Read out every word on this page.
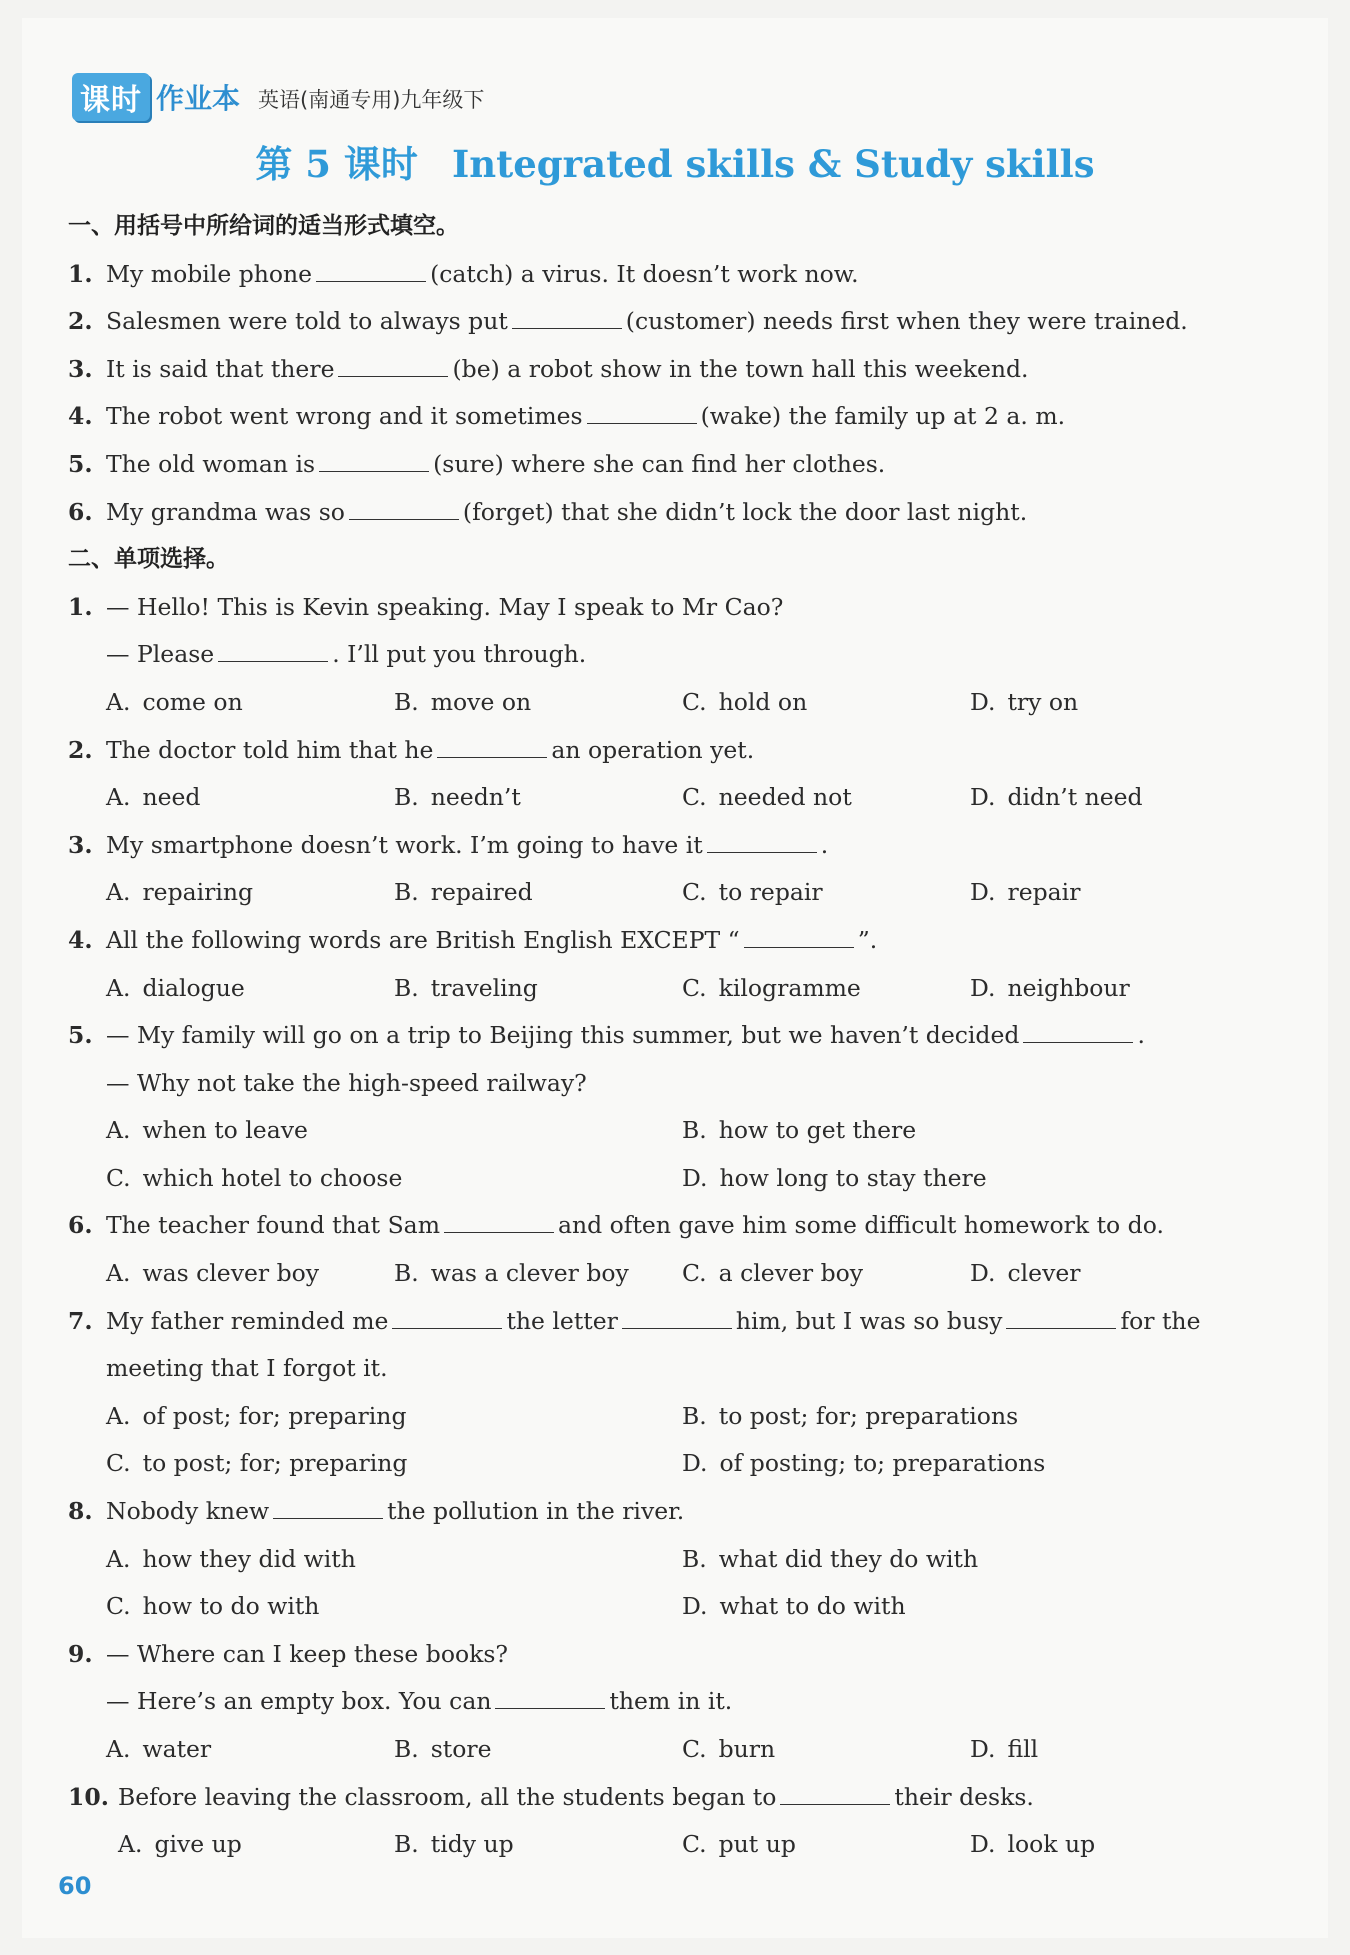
课时 作业本 英语(南通专用)九年级下
第 5 课时 Integrated skills & Study skills
一、用括号中所给词的适当形式填空。
1. My mobile phone	(catch) a virus. It doesn’t work now.
2. Salesmen were told to always put	(customer) needs first when they were trained.
3. It is said that there	(be) a robot show in the town hall this weekend.
4. The robot went wrong and it sometimes	(wake) the family up at 2 a. m.
5. The old woman is	(sure) where she can find her clothes.
6. My grandma was so	(forget) that she didn’t lock the door last night.
二、单项选择。
1. — Hello! This is Kevin speaking. May I speak to Mr Cao?
— Please	. I’ll put you through.
A. come on	B. move on	C. hold on	D. try on
2. The doctor told him that he	an operation yet.
A. need	B. needn’t	C. needed not	D. didn’t need
3. My smartphone doesn’t work. I’m going to have it	.
A. repairing	B. repaired	C. to repair	D. repair
4. All the following words are British English EXCEPT “	”.
A. dialogue	B. traveling	C. kilogramme	D. neighbour
5. — My family will go on a trip to Beijing this summer, but we haven’t decided	.
— Why not take the high-speed railway?
A. when to leave	B. how to get there
C. which hotel to choose	D. how long to stay there
6. The teacher found that Sam	and often gave him some difficult homework to do.
A. was clever boy	B. was a clever boy C. a clever boy	D. clever
7. My father reminded me	the letter	him, but I was so busy	for the
meeting that I forgot it.
A. of post; for; preparing	B. to post; for; preparations
C. to post; for; preparing	D. of posting; to; preparations
8. Nobody knew	the pollution in the river.
A. how they did with	B. what did they do with
C. how to do with	D. what to do with
9. — Where can I keep these books?
— Here’s an empty box. You can	them in it.
A. water	B. store	C. burn	D. fill
10. Before leaving the classroom, all the students began to	their desks.
A. give up	B. tidy up	C. put up	D. look up
60
